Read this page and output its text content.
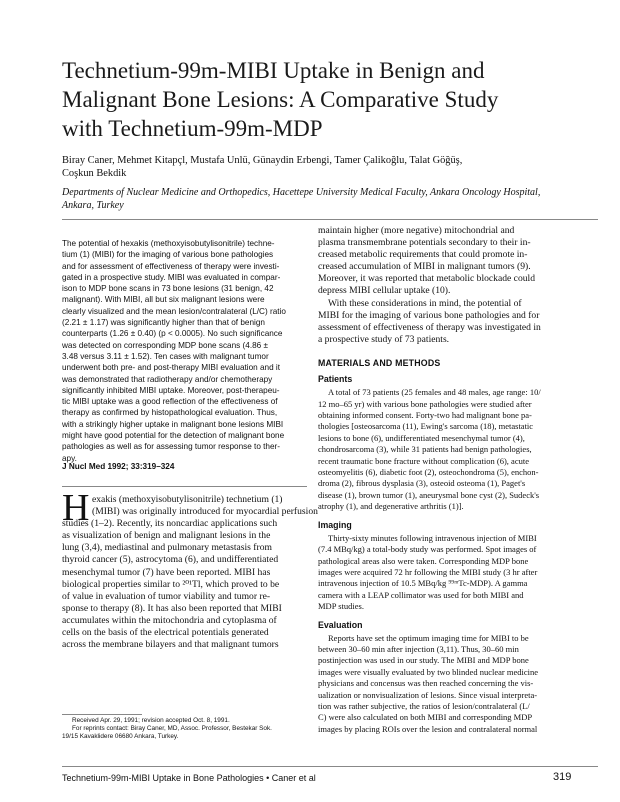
Technetium-99m-MIBI Uptake in Benign and
Malignant Bone Lesions: A Comparative Study
with Technetium-99m-MDP
Biray Caner, Mehmet Kitapçl, Mustafa Unlü, Günaydin Erbengi, Tamer Çalikoğlu, Talat Göğüş,
Coşkun Bekdik
Departments of Nuclear Medicine and Orthopedics, Hacettepe University Medical Faculty, Ankara Oncology Hospital,
Ankara, Turkey
The potential of hexakis (methoxyisobutylisonitrile) techne-
tium (1) (MIBI) for the imaging of various bone pathologies
and for assessment of effectiveness of therapy were investi-
gated in a prospective study. MIBI was evaluated in compar-
ison to MDP bone scans in 73 bone lesions (31 benign, 42
malignant). With MIBI, all but six malignant lesions were
clearly visualized and the mean lesion/contralateral (L/C) ratio
(2.21 ± 1.17) was significantly higher than that of benign
counterparts (1.26 ± 0.40) (p < 0.0005). No such significance
was detected on corresponding MDP bone scans (4.86 ±
3.48 versus 3.11 ± 1.52). Ten cases with malignant tumor
underwent both pre- and post-therapy MIBI evaluation and it
was demonstrated that radiotherapy and/or chemotherapy
significantly inhibited MIBI uptake. Moreover, post-therapeu-
tic MIBI uptake was a good reflection of the effectiveness of
therapy as confirmed by histopathological evaluation. Thus,
with a strikingly higher uptake in malignant bone lesions MIBI
might have good potential for the detection of malignant bone
pathologies as well as for assessing tumor response to ther-
apy.
J Nucl Med 1992; 33:319–324
H exakis (methoxyisobutylisonitrile) technetium (1)
(MIBI) was originally introduced for myocardial perfusion
studies (1–2). Recently, its noncardiac applications such
as visualization of benign and malignant lesions in the
lung (3,4), mediastinal and pulmonary metastasis from
thyroid cancer (5), astrocytoma (6), and undifferentiated
mesenchymal tumor (7) have been reported. MIBI has
biological properties similar to ²⁰¹Tl, which proved to be
of value in evaluation of tumor viability and tumor re-
sponse to therapy (8). It has also been reported that MIBI
accumulates within the mitochondria and cytoplasma of
cells on the basis of the electrical potentials generated
across the membrane bilayers and that malignant tumors
Received Apr. 29, 1991; revision accepted Oct. 8, 1991.
For reprints contact: Biray Caner, MD, Assoc. Professor, Bestekar Sok.
19/15 Kavaklidere 06680 Ankara, Turkey.
maintain higher (more negative) mitochondrial and
plasma transmembrane potentials secondary to their in-
creased metabolic requirements that could promote in-
creased accumulation of MIBI in malignant tumors (9).
Moreover, it was reported that metabolic blockade could
depress MIBI cellular uptake (10).
With these considerations in mind, the potential of
MIBI for the imaging of various bone pathologies and for
assessment of effectiveness of therapy was investigated in
a prospective study of 73 patients.
MATERIALS AND METHODS
Patients
A total of 73 patients (25 females and 48 males, age range: 10/
12 mo–65 yr) with various bone pathologies were studied after
obtaining informed consent. Forty-two had malignant bone pa-
thologies [osteosarcoma (11), Ewing's sarcoma (18), metastatic
lesions to bone (6), undifferentiated mesenchymal tumor (4),
chondrosarcoma (3), while 31 patients had benign pathologies,
recent traumatic bone fracture without complication (6), acute
osteomyelitis (6), diabetic foot (2), osteochondroma (5), enchon-
droma (2), fibrous dysplasia (3), osteoid osteoma (1), Paget's
disease (1), brown tumor (1), aneurysmal bone cyst (2), Sudeck's
atrophy (1), and degenerative arthritis (1)].
Imaging
Thirty-sixty minutes following intravenous injection of MIBI
(7.4 MBq/kg) a total-body study was performed. Spot images of
pathological areas also were taken. Corresponding MDP bone
images were acquired 72 hr following the MIBI study (3 hr after
intravenous injection of 10.5 MBq/kg ⁹⁹ᵐTc-MDP). A gamma
camera with a LEAP collimator was used for both MIBI and
MDP studies.
Evaluation
Reports have set the optimum imaging time for MIBI to be
between 30–60 min after injection (3,11). Thus, 30–60 min
postinjection was used in our study. The MIBI and MDP bone
images were visually evaluated by two blinded nuclear medicine
physicians and concensus was then reached concerning the vis-
ualization or nonvisualization of lesions. Since visual interpreta-
tion was rather subjective, the ratios of lesion/contralateral (L/
C) were also calculated on both MIBI and corresponding MDP
images by placing ROIs over the lesion and contralateral normal
Technetium-99m-MIBI Uptake in Bone Pathologies • Caner et al	319
